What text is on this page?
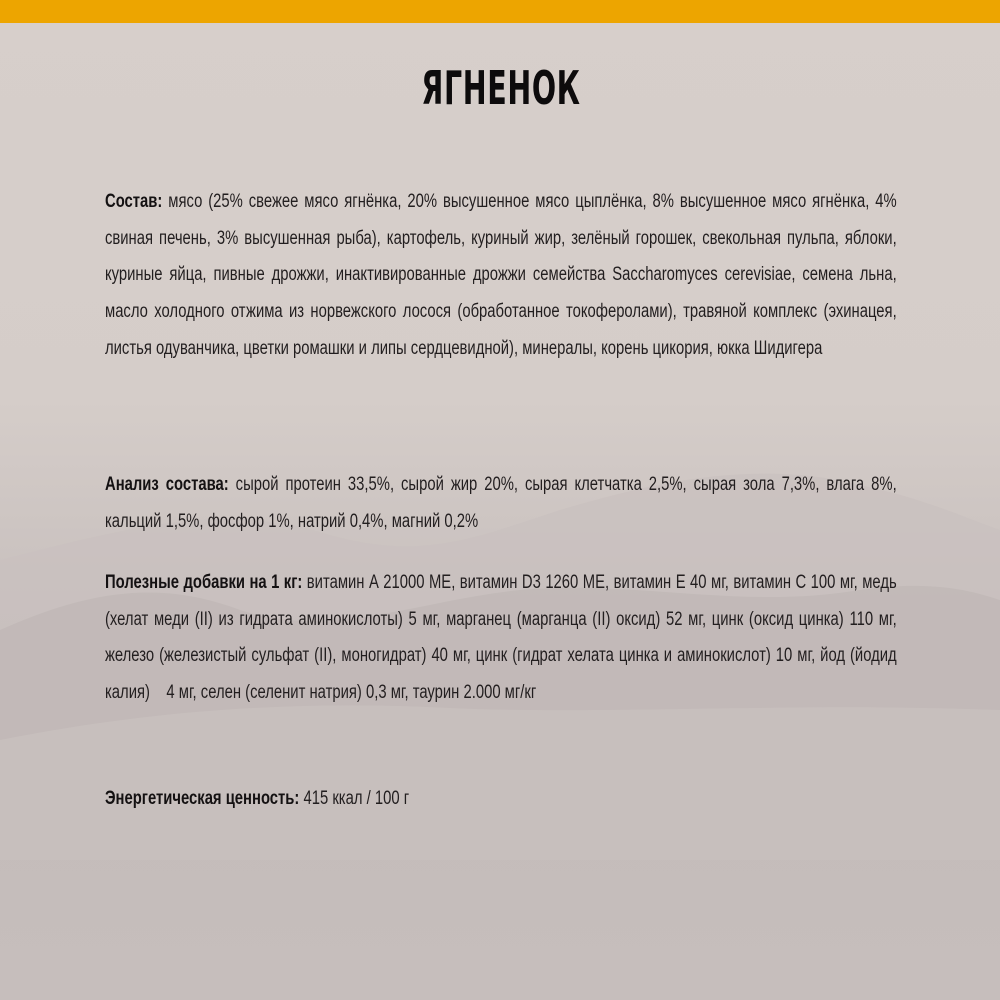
ЯГНЕНОК
Состав: мясо (25% свежее мясо ягнёнка, 20% высушенное мясо цыплёнка, 8% высушенное мясо ягнёнка, 4% свиная печень, 3% высушенная рыба), картофель, куриный жир, зелёный горошек, свекольная пульпа, яблоки, куриные яйца, пивные дрожжи, инактивированные дрожжи семейства Saccharomyces cerevisiae, семена льна, масло холодного отжима из норвежского лосося (обработанное токоферолами), травяной комплекс (эхинацея, листья одуванчика, цветки ромашки и липы сердцевидной), минералы, корень цикория, юкка Шидигера
Анализ состава: сырой протеин 33,5%, сырой жир 20%, сырая клетчатка 2,5%, сырая зола 7,3%, влага 8%, кальций 1,5%, фосфор 1%, натрий 0,4%, магний 0,2%
Полезные добавки на 1 кг: витамин А 21000 МЕ, витамин D3 1260 МЕ, витамин Е 40 мг, витамин С 100 мг, медь (хелат меди (II) из гидрата аминокислоты) 5 мг, марганец (марганца (II) оксид) 52 мг, цинк (оксид цинка) 110 мг, железо (железистый сульфат (II), моногидрат) 40 мг, цинк (гидрат хелата цинка и аминокислот) 10 мг, йод (йодид калия)    4 мг, селен (селенит натрия) 0,3 мг, таурин 2.000 мг/кг
Энергетическая ценность: 415 ккал / 100 г
